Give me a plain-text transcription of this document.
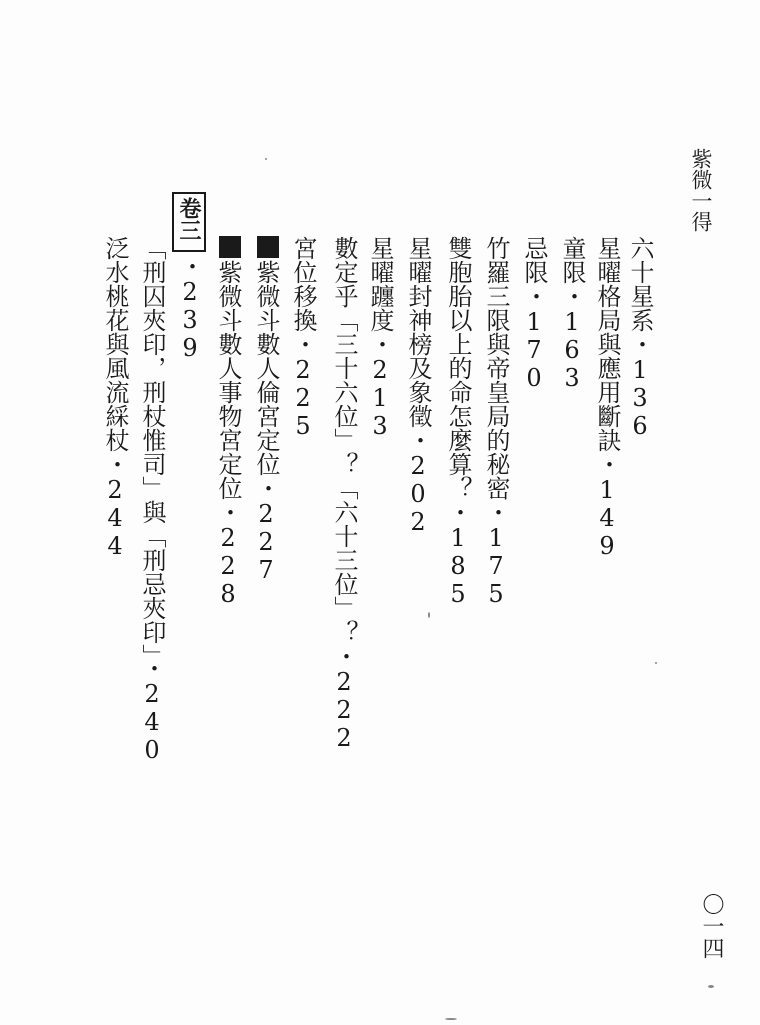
紫微一得
六十星系・136
星曜格局與應用斷訣・149
童限・163
忌限・170
竹羅三限與帝皇局的秘密・175
雙胞胎以上的命怎麼算？・185
星曜封神榜及象徵・202
星曜躔度・213
數定乎「三十六位」？「六十三位」？・222
宮位移換・225
紫微斗數人倫宮定位・227
紫微斗數人事物宮定位・228
卷三
・239
「刑囚夾印，刑杖惟司」與「刑忌夾印」・240
泛水桃花與風流綵杖・244
〇一四
